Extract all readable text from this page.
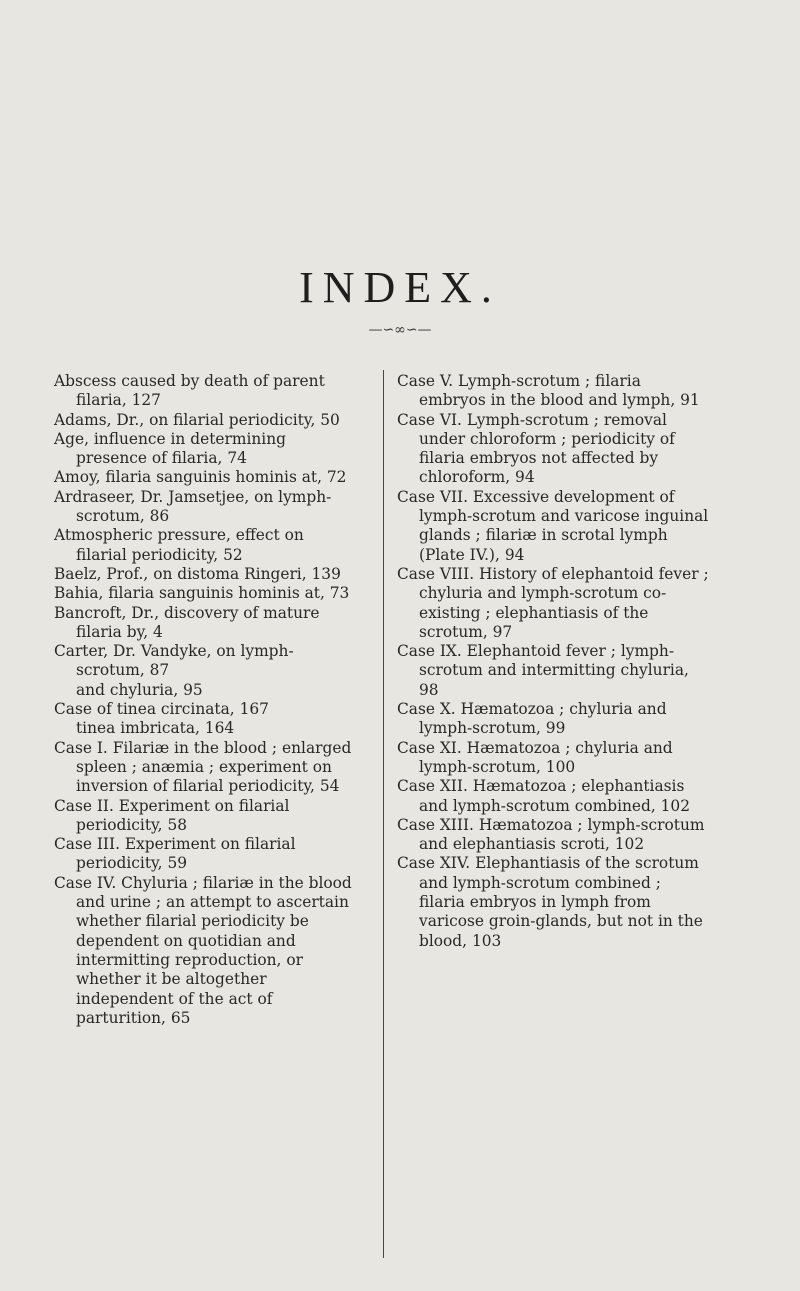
INDEX.
—∽∞∽—

Abscess caused by death of parent filaria, 127

Adams, Dr., on filarial periodicity, 50

Age, influence in determining presence of filaria, 74

Amoy, filaria sanguinis hominis at, 72

Ardraseer, Dr. Jamsetjee, on lymph-scrotum, 86

Atmospheric pressure, effect on filarial periodicity, 52

Baelz, Prof., on distoma Ringeri, 139

Bahia, filaria sanguinis hominis at, 73

Bancroft, Dr., discovery of mature filaria by, 4

Carter, Dr. Vandyke, on lymph-scrotum, 87

and chyluria, 95

Case of tinea circinata, 167

tinea imbricata, 164

Case I. Filariæ in the blood ; enlarged spleen ; anæmia ; experiment on inversion of filarial periodicity, 54

Case II. Experiment on filarial periodicity, 58

Case III. Experiment on filarial periodicity, 59

Case IV. Chyluria ; filariæ in the blood and urine ; an attempt to ascertain whether filarial periodicity be dependent on quotidian and intermitting reproduction, or whether it be altogether independent of the act of parturition, 65

Case V. Lymph-scrotum ; filaria embryos in the blood and lymph, 91

Case VI. Lymph-scrotum ; removal under chloroform ; periodicity of filaria embryos not affected by chloroform, 94

Case VII. Excessive development of lymph-scrotum and varicose inguinal glands ; filariæ in scrotal lymph (Plate IV.), 94

Case VIII. History of elephantoid fever ; chyluria and lymph-scrotum co-existing ; elephantiasis of the scrotum, 97

Case IX. Elephantoid fever ; lymph-scrotum and intermitting chyluria, 98

Case X. Hæmatozoa ; chyluria and lymph-scrotum, 99

Case XI. Hæmatozoa ; chyluria and lymph-scrotum, 100

Case XII. Hæmatozoa ; elephantiasis and lymph-scrotum combined, 102

Case XIII. Hæmatozoa ; lymph-scrotum and elephantiasis scroti, 102

Case XIV. Elephantiasis of the scrotum and lymph-scrotum combined ; filaria embryos in lymph from varicose groin-glands, but not in the blood, 103
